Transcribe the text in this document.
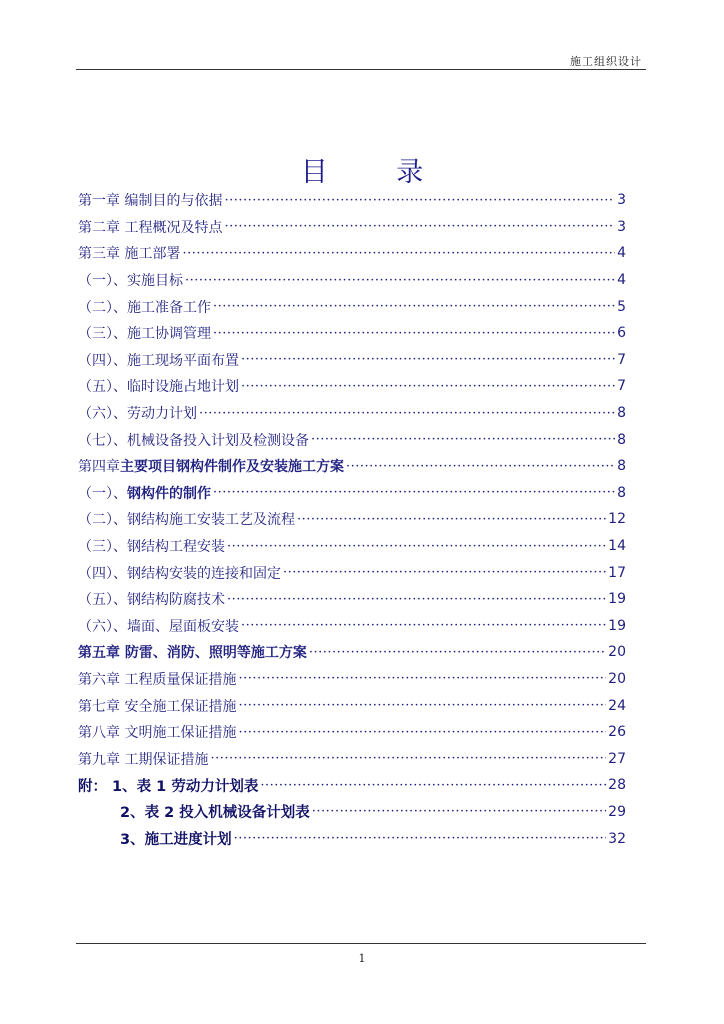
施工组织设计
目 录
第一章 编制目的与依据 ·····	3
第二章 工程概况及特点 ·····	3
第三章 施工部署 ·····	4
（一）、实施目标 ·····	4
（二）、施工准备工作 ·····	5
（三）、施工协调管理 ·····	6
（四）、施工现场平面布置 ·····	7
（五）、临时设施占地计划 ·····	7
（六）、劳动力计划 ·····	8
（七）、机械设备投入计划及检测设备 ·····	8
第四章 主要项目钢构件制作及安装施工方案 ·····	8
（一）、 钢构件的制作 ·····	8
（二）、钢结构施工安装工艺及流程 ·····	12
（三）、钢结构工程安装 ·····	14
（四）、钢结构安装的连接和固定 ·····	17
（五）、钢结构防腐技术 ·····	19
（六）、墙面、屋面板安装 ·····	19
第五章 防雷、消防、照明等施工方案 ·····	20
第六章 工程质量保证措施 ·····	20
第七章 安全施工保证措施 ·····	24
第八章 文明施工保证措施 ·····	26
第九章 工期保证措施 ·····	27
附： 1、表 1 劳动力计划表 ·····	28
2、表 2 投入机械设备计划表 ·····	29
3、施工进度计划 ·····	32
1
